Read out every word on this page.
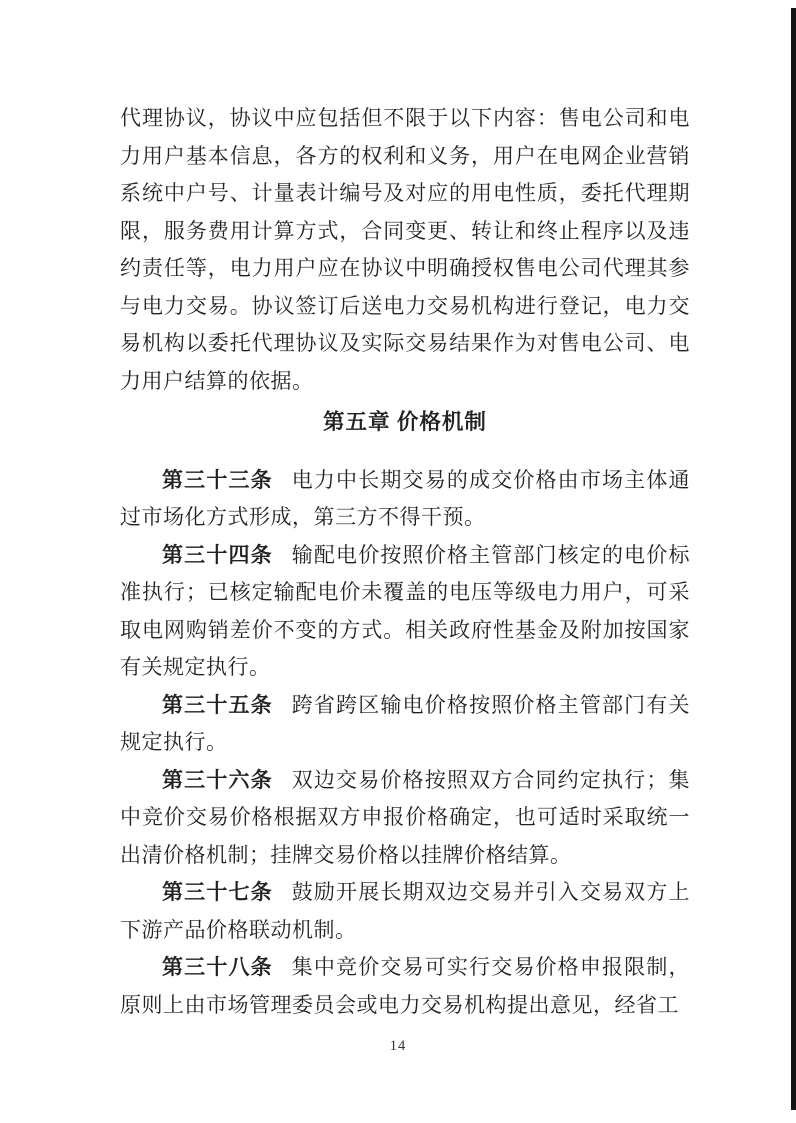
代理协议，协议中应包括但不限于以下内容：售电公司和电力用户基本信息，各方的权利和义务，用户在电网企业营销系统中户号、计量表计编号及对应的用电性质，委托代理期限，服务费用计算方式，合同变更、转让和终止程序以及违约责任等，电力用户应在协议中明确授权售电公司代理其参与电力交易。协议签订后送电力交易机构进行登记，电力交易机构以委托代理协议及实际交易结果作为对售电公司、电力用户结算的依据。

第五章 价格机制

第三十三条 电力中长期交易的成交价格由市场主体通过市场化方式形成，第三方不得干预。

第三十四条 输配电价按照价格主管部门核定的电价标准执行；已核定输配电价未覆盖的电压等级电力用户，可采取电网购销差价不变的方式。相关政府性基金及附加按国家有关规定执行。

第三十五条 跨省跨区输电价格按照价格主管部门有关规定执行。

第三十六条 双边交易价格按照双方合同约定执行；集中竞价交易价格根据双方申报价格确定，也可适时采取统一出清价格机制；挂牌交易价格以挂牌价格结算。

第三十七条 鼓励开展长期双边交易并引入交易双方上下游产品价格联动机制。

第三十八条 集中竞价交易可实行交易价格申报限制，原则上由市场管理委员会或电力交易机构提出意见，经省工

14
